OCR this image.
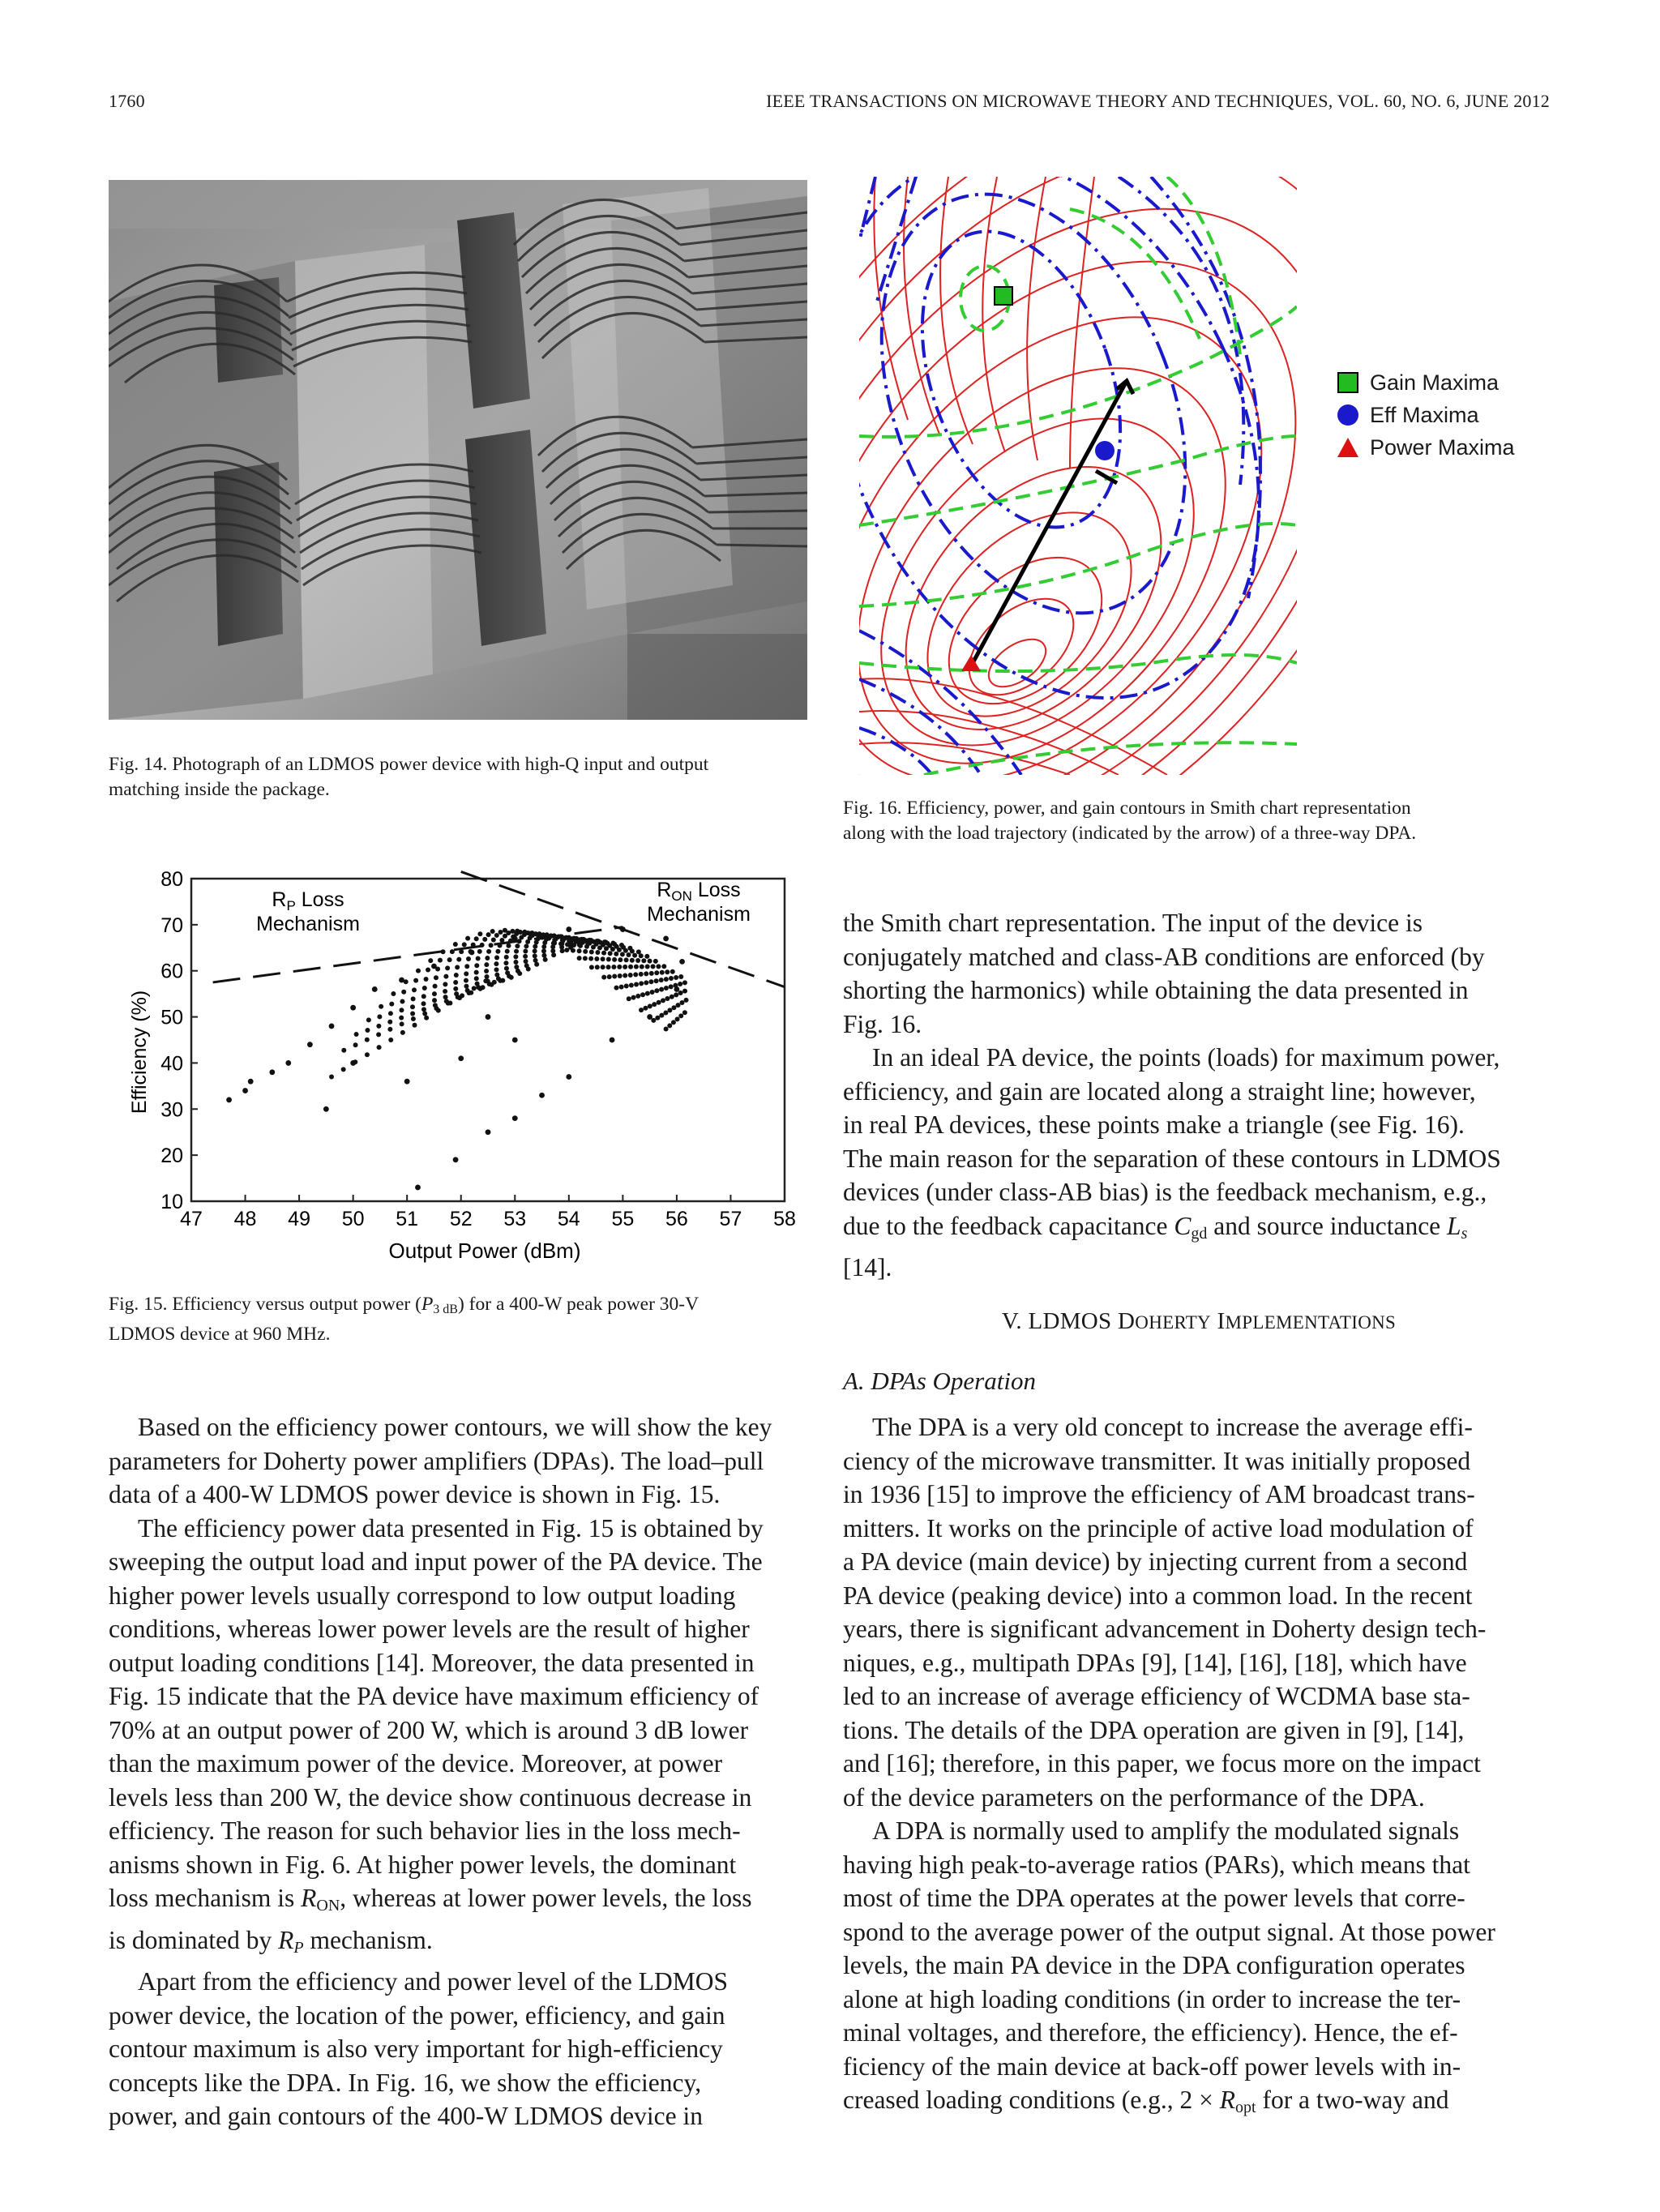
1760	IEEE TRANSACTIONS ON MICROWAVE THEORY AND TECHNIQUES, VOL. 60, NO. 6, JUNE 2012
Fig. 14. Photograph of an LDMOS power device with high-Q input and output
matching inside the package.
47 48 49 50 51 52 53 54 55 56 57 58
10
20
30
40
50
60
70
80
Efficiency (%)
Output Power (dBm)
$R_P$ Loss
Mechanism
$R_{ON}$ Loss
Mechanism
Fig. 15. Efficiency versus output power (P3 dB) for a 400-W peak power 30-V
LDMOS device at 960 MHz.
Gain Maxima
Eff Maxima
Power Maxima
Fig. 16. Efficiency, power, and gain contours in Smith chart representation
along with the load trajectory (indicated by the arrow) of a three-way DPA.

Based on the efficiency power contours, we will show the key
parameters for Doherty power amplifiers (DPAs). The load–pull
data of a 400-W LDMOS power device is shown in Fig. 15.

The efficiency power data presented in Fig. 15 is obtained by
sweeping the output load and input power of the PA device. The
higher power levels usually correspond to low output loading
conditions, whereas lower power levels are the result of higher
output loading conditions [14]. Moreover, the data presented in
Fig. 15 indicate that the PA device have maximum efficiency of
70% at an output power of 200 W, which is around 3 dB lower
than the maximum power of the device. Moreover, at power
levels less than 200 W, the device show continuous decrease in
efficiency. The reason for such behavior lies in the loss mech-
anisms shown in Fig. 6. At higher power levels, the dominant
loss mechanism is RON, whereas at lower power levels, the loss
is dominated by RP mechanism.

Apart from the efficiency and power level of the LDMOS
power device, the location of the power, efficiency, and gain
contour maximum is also very important for high-efficiency
concepts like the DPA. In Fig. 16, we show the efficiency,
power, and gain contours of the 400-W LDMOS device in

the Smith chart representation. The input of the device is
conjugately matched and class-AB conditions are enforced (by
shorting the harmonics) while obtaining the data presented in
Fig. 16.

In an ideal PA device, the points (loads) for maximum power,
efficiency, and gain are located along a straight line; however,
in real PA devices, these points make a triangle (see Fig. 16).
The main reason for the separation of these contours in LDMOS
devices (under class-AB bias) is the feedback mechanism, e.g.,
due to the feedback capacitance Cgd and source inductance Ls
[14].

V. LDMOS DOHERTY IMPLEMENTATIONS
A. DPAs Operation

The DPA is a very old concept to increase the average effi-
ciency of the microwave transmitter. It was initially proposed
in 1936 [15] to improve the efficiency of AM broadcast trans-
mitters. It works on the principle of active load modulation of
a PA device (main device) by injecting current from a second
PA device (peaking device) into a common load. In the recent
years, there is significant advancement in Doherty design tech-
niques, e.g., multipath DPAs [9], [14], [16], [18], which have
led to an increase of average efficiency of WCDMA base sta-
tions. The details of the DPA operation are given in [9], [14],
and [16]; therefore, in this paper, we focus more on the impact
of the device parameters on the performance of the DPA.

A DPA is normally used to amplify the modulated signals
having high peak-to-average ratios (PARs), which means that
most of time the DPA operates at the power levels that corre-
spond to the average power of the output signal. At those power
levels, the main PA device in the DPA configuration operates
alone at high loading conditions (in order to increase the ter-
minal voltages, and therefore, the efficiency). Hence, the ef-
ficiency of the main device at back-off power levels with in-
creased loading conditions (e.g., 2 × Ropt for a two-way and
